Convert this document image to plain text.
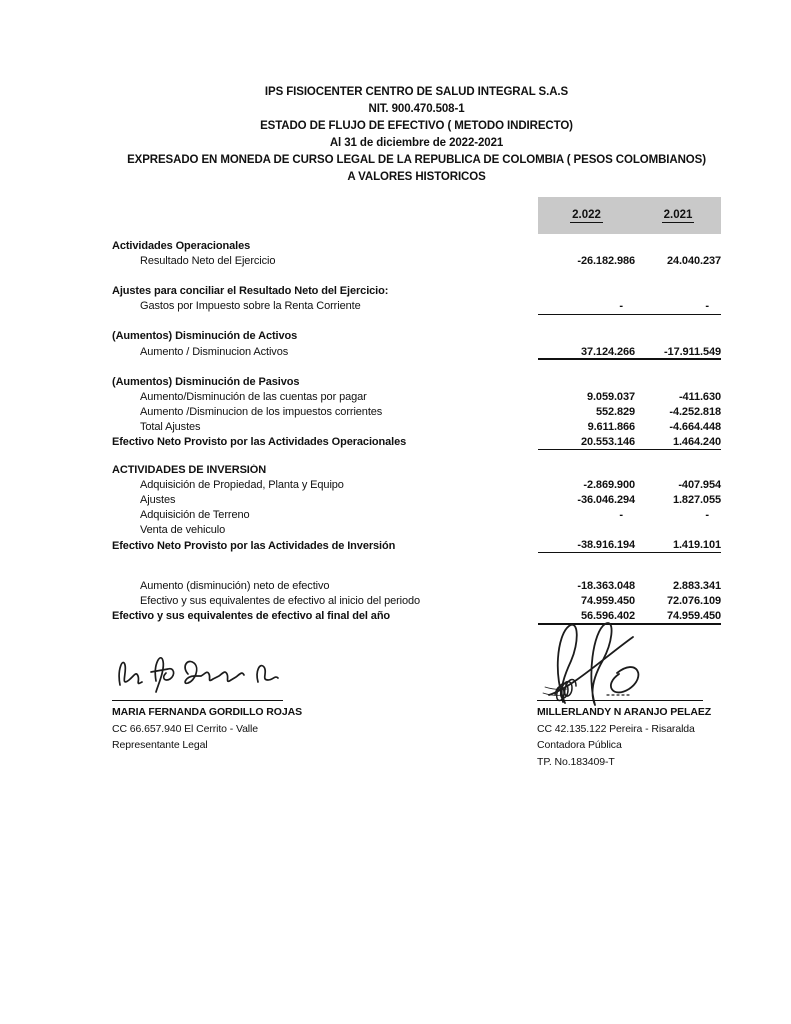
IPS FISIOCENTER CENTRO DE SALUD INTEGRAL S.A.S
NIT. 900.470.508-1
ESTADO DE FLUJO DE EFECTIVO ( METODO INDIRECTO)
Al 31 de diciembre de 2022-2021
EXPRESADO EN MONEDA DE CURSO LEGAL DE LA REPUBLICA DE COLOMBIA ( PESOS COLOMBIANOS)
A VALORES HISTORICOS
2.022	2.021
Actividades Operacionales
Resultado Neto del Ejercicio	-26.182.986	24.040.237
Ajustes para conciliar el Resultado Neto del Ejercicio:
Gastos por Impuesto sobre la Renta Corriente	-	-
(Aumentos) Disminución de Activos
Aumento / Disminucion Activos	37.124.266	-17.911.549
(Aumentos) Disminución de Pasivos
Aumento/Disminución de las cuentas por pagar	9.059.037	-411.630
Aumento /Disminucion de los impuestos corrientes	552.829	-4.252.818
Total Ajustes	9.611.866	-4.664.448
Efectivo Neto Provisto por las Actividades Operacionales	20.553.146	1.464.240
ACTIVIDADES DE INVERSIÓN
Adquisición de Propiedad, Planta y Equipo	-2.869.900	-407.954
Ajustes	-36.046.294	1.827.055
Adquisición de Terreno	-	-
Venta de vehiculo
Efectivo Neto Provisto por las Actividades de Inversión	-38.916.194	1.419.101
Aumento (disminución) neto de efectivo	-18.363.048	2.883.341
Efectivo y sus equivalentes de efectivo al inicio del periodo	74.959.450	72.076.109
Efectivo y sus equivalentes de efectivo al final del año	56.596.402	74.959.450
MARIA FERNANDA GORDILLO ROJAS
CC 66.657.940 El Cerrito - Valle
Representante Legal
MILLERLANDY N ARANJO PELAEZ
CC 42.135.122 Pereira - Risaralda
Contadora Pública
TP. No.183409-T
